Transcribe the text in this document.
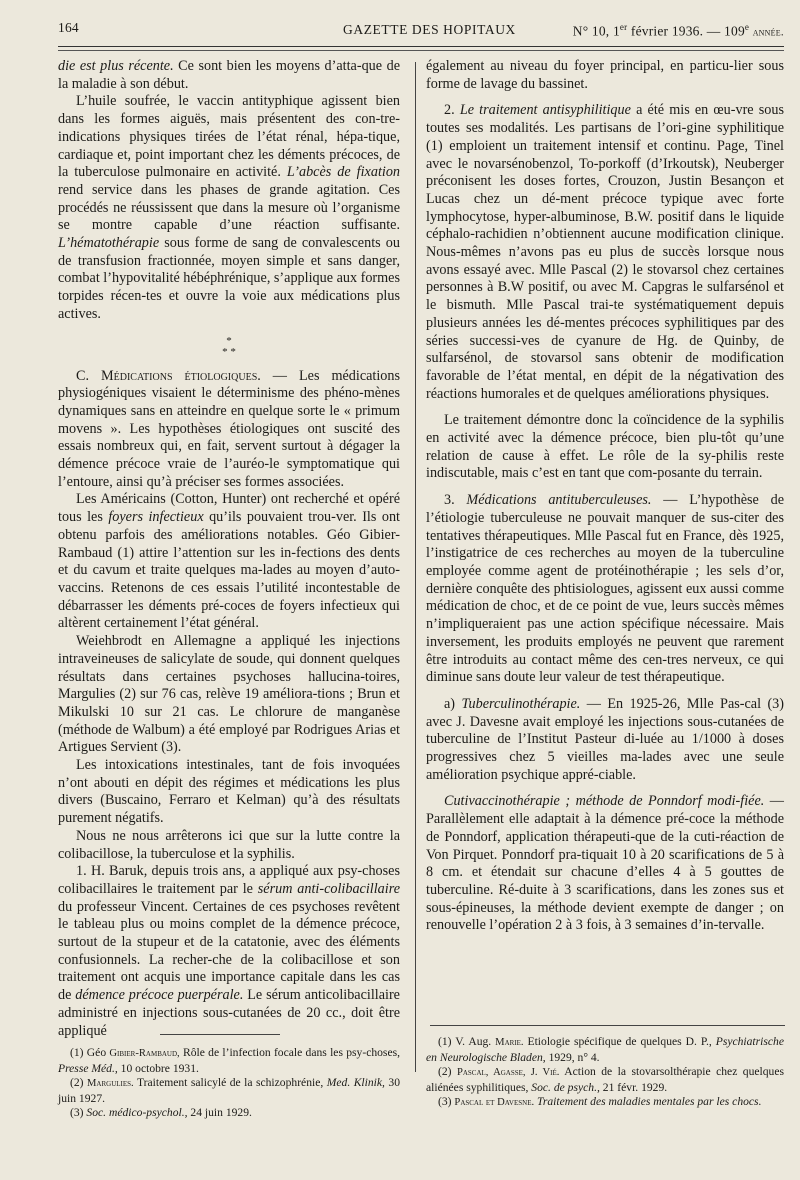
164	GAZETTE DES HOPITAUX	N° 10, 1er février 1936. — 109e année.

die est plus récente. Ce sont bien les moyens d’atta-que de la maladie à son début.

L’huile soufrée, le vaccin antityphique agissent bien dans les formes aiguës, mais présentent des con-tre-indications physiques tirées de l’état rénal, hépa-tique, cardiaque et, point important chez les déments précoces, de la tuberculose pulmonaire en activité. L’abcès de fixation rend service dans les phases de grande agitation. Ces procédés ne réussissent que dans la mesure où l’organisme se montre capable d’une réaction suffisante. L’hématothérapie sous forme de sang de convalescents ou de transfusion fractionnée, moyen simple et sans danger, combat l’hypovitalité hébéphrénique, s’applique aux formes torpides récen-tes et ouvre la voie aux médications plus actives.

*
* *

C. Médications étiologiques. — Les médications physiogéniques visaient le déterminisme des phéno-mènes dynamiques sans en atteindre en quelque sorte le « primum movens ». Les hypothèses étiologiques ont suscité des essais nombreux qui, en fait, servent surtout à dégager la démence précoce vraie de l’auréo-le symptomatique qui l’entoure, ainsi qu’à préciser ses formes associées.

Les Américains (Cotton, Hunter) ont recherché et opéré tous les foyers infectieux qu’ils pouvaient trou-ver. Ils ont obtenu parfois des améliorations notables. Géo Gibier-Rambaud (1) attire l’attention sur les in-fections des dents et du cavum et traite quelques ma-lades au moyen d’auto-vaccins. Retenons de ces essais l’utilité incontestable de débarrasser les déments pré-coces de foyers infectieux qui altèrent certainement l’état général.

Weiehbrodt en Allemagne a appliqué les injections intraveineuses de salicylate de soude, qui donnent quelques résultats dans certaines psychoses hallucina-toires, Margulies (2) sur 76 cas, relève 19 améliora-tions ; Brun et Mikulski 10 sur 21 cas. Le chlorure de manganèse (méthode de Walbum) a été employé par Rodrigues Arias et Artigues Servient (3).

Les intoxications intestinales, tant de fois invoquées n’ont abouti en dépit des régimes et médications les plus divers (Buscaino, Ferraro et Kelman) qu’à des résultats purement négatifs.

Nous ne nous arrêterons ici que sur la lutte contre la colibacillose, la tuberculose et la syphilis.

1. H. Baruk, depuis trois ans, a appliqué aux psy-choses colibacillaires le traitement par le sérum anti-colibacillaire du professeur Vincent. Certaines de ces psychoses revêtent le tableau plus ou moins complet de la démence précoce, surtout de la stupeur et de la catatonie, avec des éléments confusionnels. La recher-che de la colibacillose et son traitement ont acquis une importance capitale dans les cas de démence précoce puerpérale. Le sérum anticolibacillaire administré en injections sous-cutanées de 20 cc., doit être appliqué

également au niveau du foyer principal, en particu-lier sous forme de lavage du bassinet.

2. Le traitement antisyphilitique a été mis en œu-vre sous toutes ses modalités. Les partisans de l’ori-gine syphilitique (1) emploient un traitement intensif et continu. Page, Tinel avec le novarsénobenzol, To-porkoff (d’Irkoutsk), Neuberger préconisent les doses fortes, Crouzon, Justin Besançon et Lucas chez un dé-ment précoce typique avec forte lymphocytose, hyper-albuminose, B.W. positif dans le liquide céphalo-rachidien n’obtiennent aucune modification clinique. Nous-mêmes n’avons pas eu plus de succès lorsque nous avons essayé avec. Mlle Pascal (2) le stovarsol chez certaines personnes à B.W positif, ou avec M. Capgras le sulfarsénol et le bismuth. Mlle Pascal trai-te systématiquement depuis plusieurs années les dé-mentes précoces syphilitiques par des séries successi-ves de cyanure de Hg. de Quinby, de sulfarsénol, de stovarsol sans obtenir de modification favorable de l’état mental, en dépit de la négativation des réactions humorales et de quelques améliorations physiques.

Le traitement démontre donc la coïncidence de la syphilis en activité avec la démence précoce, bien plu-tôt qu’une relation de cause à effet. Le rôle de la sy-philis reste indiscutable, mais c’est en tant que com-posante du terrain.

3. Médications antituberculeuses. — L’hypothèse de l’étiologie tuberculeuse ne pouvait manquer de sus-citer des tentatives thérapeutiques. Mlle Pascal fut en France, dès 1925, l’instigatrice de ces recherches au moyen de la tuberculine employée comme agent de protéinothérapie ; les sels d’or, dernière conquête des phtisiologues, agissent eux aussi comme médication de choc, et de ce point de vue, leurs succès mêmes n’impliqueraient pas une action spécifique nécessaire. Mais inversement, les produits employés ne peuvent que rarement être introduits au contact même des cen-tres nerveux, ce qui diminue sans doute leur valeur de test thérapeutique.

a) Tuberculinothérapie. — En 1925-26, Mlle Pas-cal (3) avec J. Davesne avait employé les injections sous-cutanées de tuberculine de l’Institut Pasteur di-luée au 1/1000 à doses progressives chez 5 vieilles ma-lades avec une seule amélioration psychique appré-ciable.

Cutivaccinothérapie ; méthode de Ponndorf modi-fiée. — Parallèlement elle adaptait à la démence pré-coce la méthode de Ponndorf, application thérapeuti-que de la cuti-réaction de Von Pirquet. Ponndorf pra-tiquait 10 à 20 scarifications de 5 à 8 cm. et étendait sur chacune d’elles 4 à 5 gouttes de tuberculine. Ré-duite à 3 scarifications, dans les zones sus et sous-épineuses, la méthode devient exempte de danger ; on renouvelle l’opération 2 à 3 fois, à 3 semaines d’in-tervalle.

(1) Géo Gibier-Rambaud, Rôle de l’infection focale dans les psy-choses, Presse Méd., 10 octobre 1931.

(2) Margulies. Traitement salicylé de la schizophrénie, Med. Klinik, 30 juin 1927.

(3) Soc. médico-psychol., 24 juin 1929.

(1) V. Aug. Marie. Etiologie spécifique de quelques D. P., Psychiatrische en Neurologische Bladen, 1929, n° 4.

(2) Pascal, Agasse, J. Vié. Action de la stovarsolthérapie chez quelques aliénées syphilitiques, Soc. de psych., 21 févr. 1929.

(3) Pascal et Davesne. Traitement des maladies mentales par les chocs.
